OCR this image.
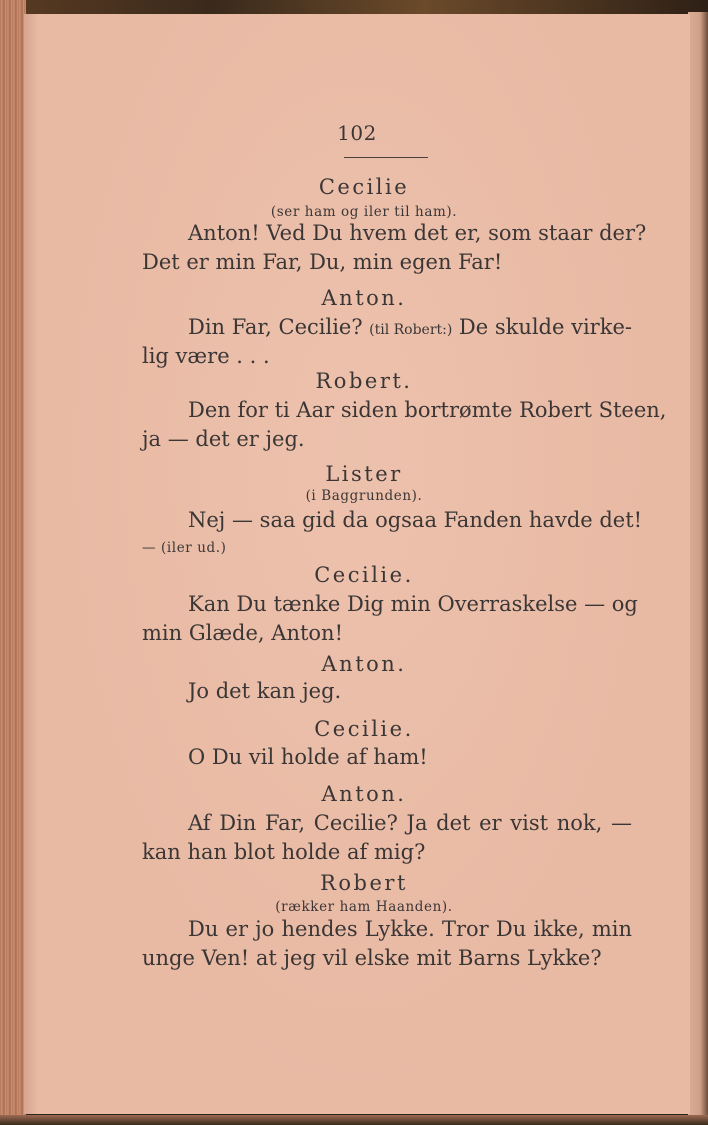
102
Cecilie
(ser ham og iler til ham).
Anton! Ved Du hvem det er, som staar der?
Det er min Far, Du, min egen Far!
Anton.
Din Far, Cecilie? (til Robert:) De skulde virke-
lig være . . .
Robert.
Den for ti Aar siden bortrømte Robert Steen,
ja — det er jeg.
Lister
(i Baggrunden).
Nej — saa gid da ogsaa Fanden havde det!
— (iler ud.)
Cecilie.
Kan Du tænke Dig min Overraskelse — og
min Glæde, Anton!
Anton.
Jo det kan jeg.
Cecilie.
O Du vil holde af ham!
Anton.
Af Din Far, Cecilie? Ja det er vist nok, —
kan han blot holde af mig?
Robert
(rækker ham Haanden).
Du er jo hendes Lykke. Tror Du ikke, min
unge Ven! at jeg vil elske mit Barns Lykke?
